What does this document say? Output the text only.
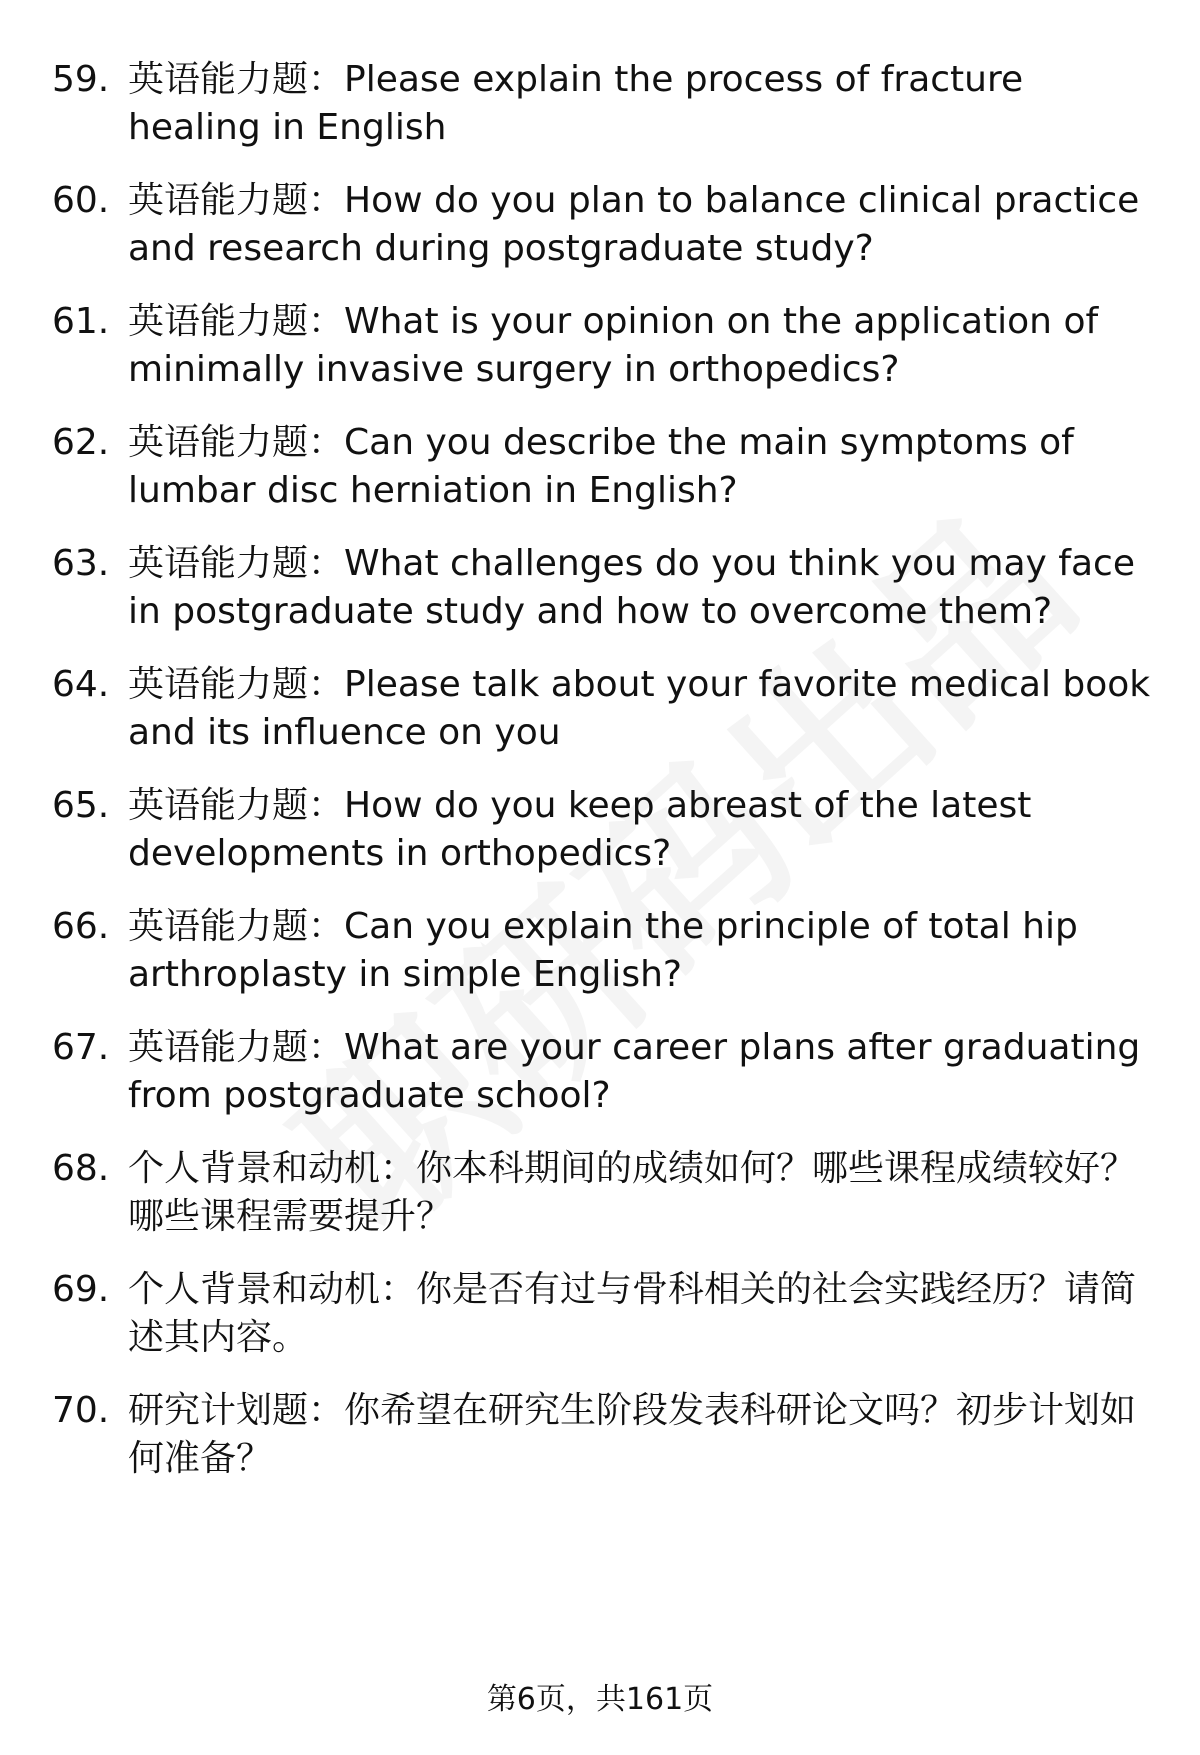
59. 英语能力题：Please explain the process of fracture healing in English
60. 英语能力题：How do you plan to balance clinical practice and research during postgraduate study?
61. 英语能力题：What is your opinion on the application of minimally invasive surgery in orthopedics?
62. 英语能力题：Can you describe the main symptoms of lumbar disc herniation in English?
63. 英语能力题：What challenges do you think you may face in postgraduate study and how to overcome them?
64. 英语能力题：Please talk about your favorite medical book and its influence on you
65. 英语能力题：How do you keep abreast of the latest developments in orthopedics?
66. 英语能力题：Can you explain the principle of total hip arthroplasty in simple English?
67. 英语能力题：What are your career plans after graduating from postgraduate school?
68. 个人背景和动机：你本科期间的成绩如何？哪些课程成绩较好？哪些课程需要提升？
69. 个人背景和动机：你是否有过与骨科相关的社会实践经历？请简述其内容。
70. 研究计划题：你希望在研究生阶段发表科研论文吗？初步计划如何准备？
第6页，共161页
